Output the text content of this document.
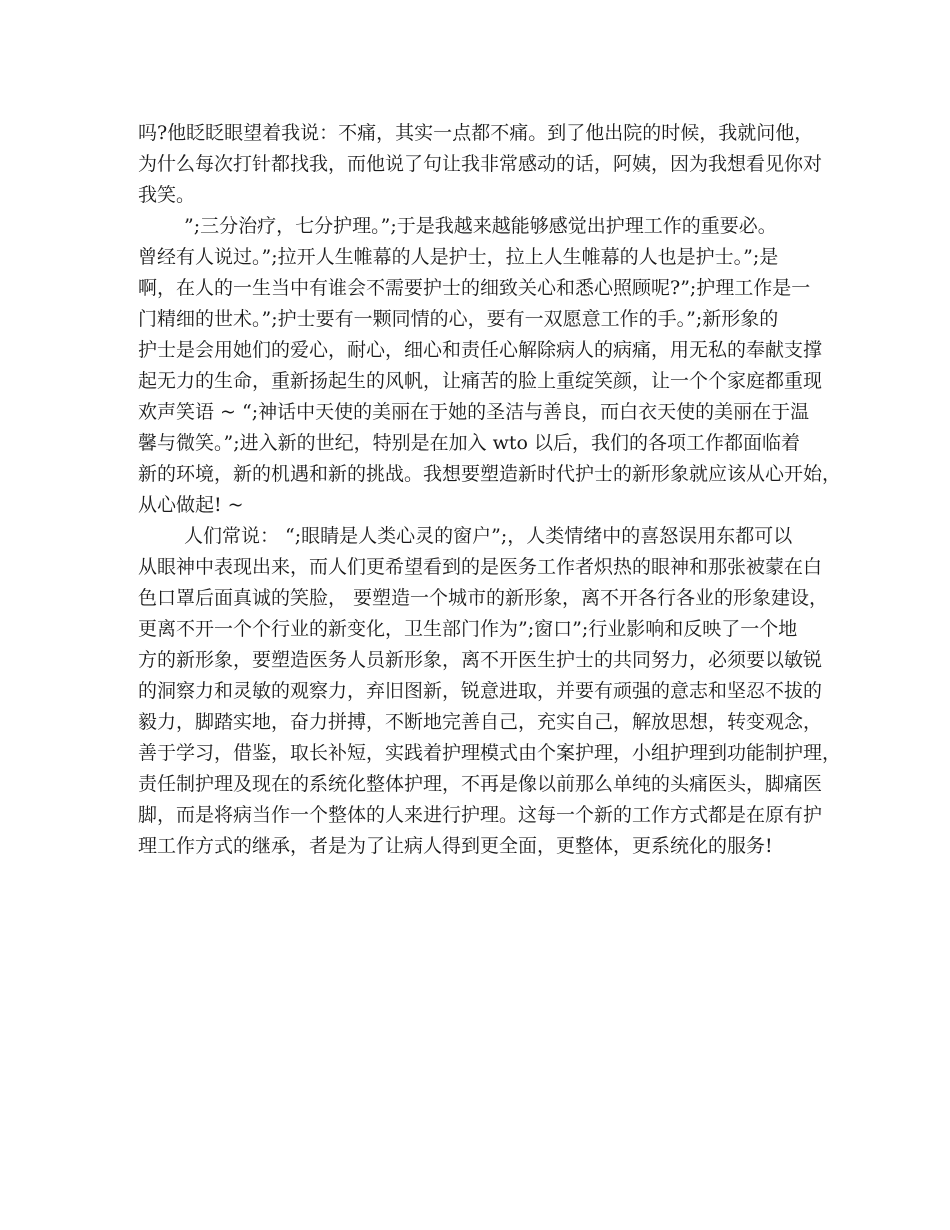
吗?他眨眨眼望着我说：不痛，其实一点都不痛。到了他出院的时候，我就问他，
为什么每次打针都找我，而他说了句让我非常感动的话，阿姨，因为我想看见你对
我笑。
”;三分治疗，七分护理。”;于是我越来越能够感觉出护理工作的重要必。
曾经有人说过。”;拉开人生帷幕的人是护士，拉上人生帷幕的人也是护士。”;是
啊，在人的一生当中有谁会不需要护士的细致关心和悉心照顾呢?”;护理工作是一
门精细的世术。”;护士要有一颗同情的心，要有一双愿意工作的手。”;新形象的
护士是会用她们的爱心，耐心，细心和责任心解除病人的病痛，用无私的奉献支撑
起无力的生命，重新扬起生的风帆，让痛苦的脸上重绽笑颜，让一个个家庭都重现
欢声笑语 ~ “;神话中天使的美丽在于她的圣洁与善良，而白衣天使的美丽在于温
馨与微笑。”;进入新的世纪，特别是在加入 wto 以后，我们的各项工作都面临着
新的环境，新的机遇和新的挑战。我想要塑造新时代护士的新形象就应该从心开始，
从心做起! ~
人们常说： “;眼睛是人类心灵的窗户”;，人类情绪中的喜怒误用东都可以
从眼神中表现出来，而人们更希望看到的是医务工作者炽热的眼神和那张被蒙在白
色口罩后面真诚的笑脸， 要塑造一个城市的新形象，离不开各行各业的形象建设，
更离不开一个个行业的新变化，卫生部门作为”;窗口”;行业影响和反映了一个地
方的新形象，要塑造医务人员新形象，离不开医生护士的共同努力，必须要以敏锐
的洞察力和灵敏的观察力，弃旧图新，锐意进取，并要有顽强的意志和坚忍不拔的
毅力，脚踏实地，奋力拼搏，不断地完善自己，充实自己，解放思想，转变观念，
善于学习，借鉴，取长补短，实践着护理模式由个案护理，小组护理到功能制护理，
责任制护理及现在的系统化整体护理，不再是像以前那么单纯的头痛医头，脚痛医
脚，而是将病当作一个整体的人来进行护理。这每一个新的工作方式都是在原有护
理工作方式的继承，者是为了让病人得到更全面，更整体，更系统化的服务!
